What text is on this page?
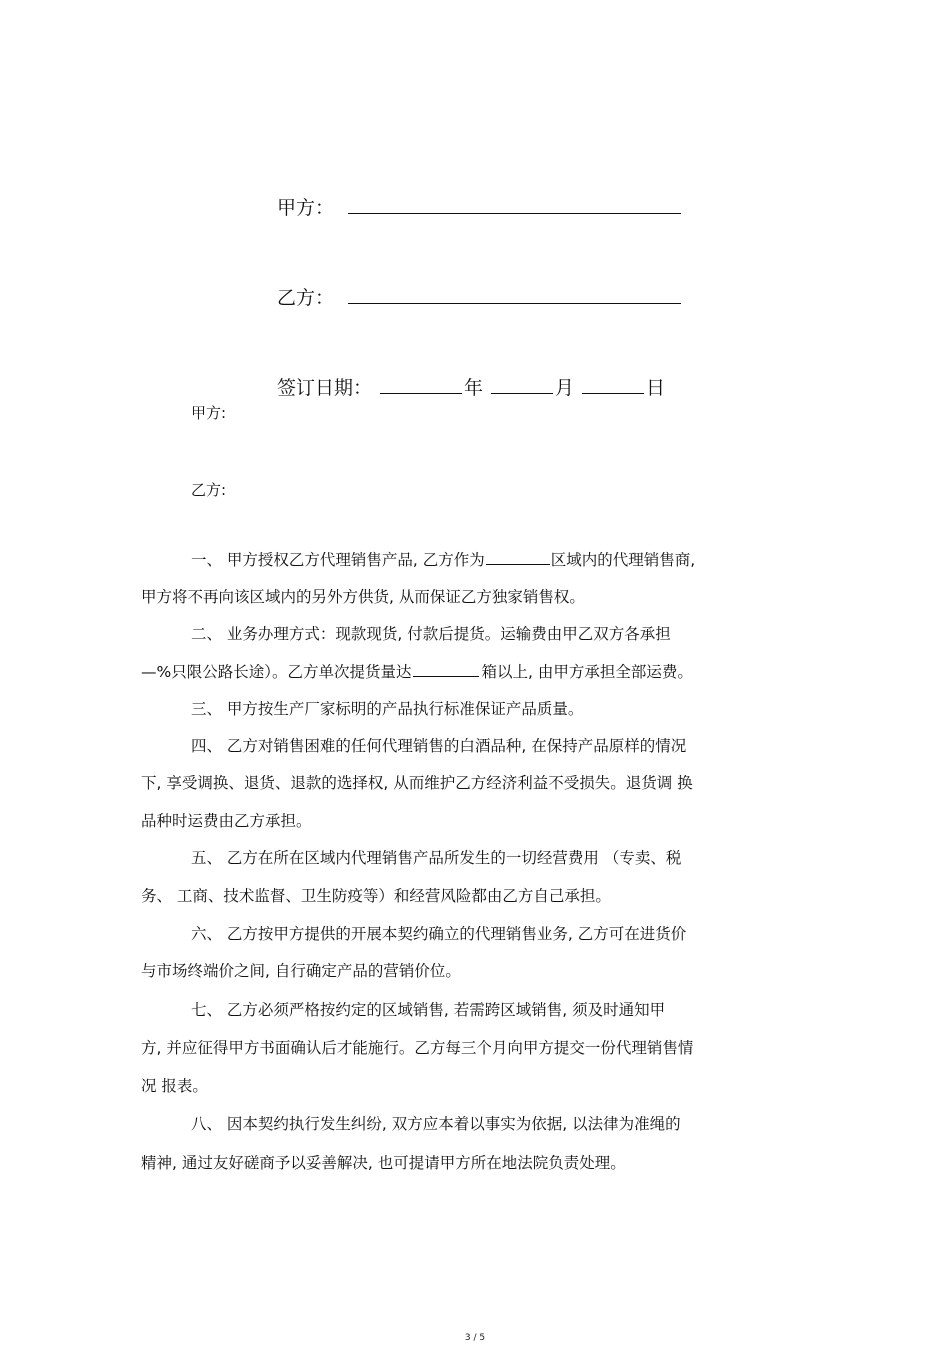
甲方：
乙方：
签订日期：	年	月	日
甲方:
乙方:
一、 甲方授权乙方代理销售产品, 乙方作为	区域内的代理销售商,
甲方将不再向该区域内的另外方供货, 从而保证乙方独家销售权。
二、 业务办理方式：现款现货, 付款后提货。运输费由甲乙双方各承担
—%只限公路长途）。乙方单次提货量达	箱以上, 由甲方承担全部运费。
三、 甲方按生产厂家标明的产品执行标准保证产品质量。
四、 乙方对销售困难的任何代理销售的白酒品种, 在保持产品原样的情况
下, 享受调换、退货、退款的选择权, 从而维护乙方经济利益不受损失。退货调 换
品种时运费由乙方承担。
五、 乙方在所在区域内代理销售产品所发生的一切经营费用 （专卖、税
务、 工商、技术监督、卫生防疫等）和经营风险都由乙方自己承担。
六、 乙方按甲方提供的开展本契约确立的代理销售业务, 乙方可在进货价
与市场终端价之间, 自行确定产品的营销价位。
七、 乙方必须严格按约定的区域销售, 若需跨区域销售, 须及时通知甲
方, 并应征得甲方书面确认后才能施行。乙方每三个月向甲方提交一份代理销售情
况 报表。
八、 因本契约执行发生纠纷, 双方应本着以事实为依据, 以法律为准绳的
精神, 通过友好磋商予以妥善解决, 也可提请甲方所在地法院负责处理。
3 / 5
